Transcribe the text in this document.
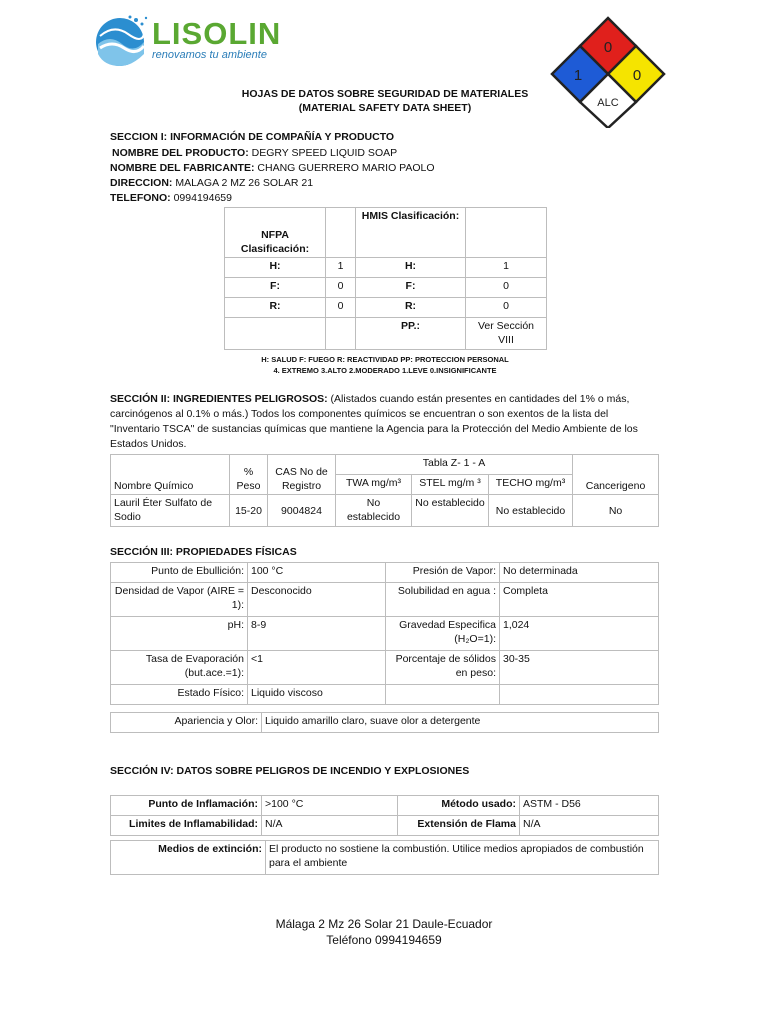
LISOLIN
renovamos tu ambiente	0
1	0
ALC
HOJAS DE DATOS SOBRE SEGURIDAD DE MATERIALES
(MATERIAL SAFETY DATA SHEET)
SECCION I: INFORMACIÓN DE COMPAÑÍA Y PRODUCTO
NOMBRE DEL PRODUCTO: DEGRY SPEED LIQUID SOAP
NOMBRE DEL FABRICANTE: CHANG GUERRERO MARIO PAOLO
DIRECCION: MALAGA 2 MZ 26 SOLAR 21
TELEFONO: 0994194659
NFPA Clasificación:		HMIS Clasificación:	
H:	1	H:	1
F:	0	F:	0
R:	0	R:	0
		PP.:	Ver Sección VIII
H: SALUD F: FUEGO R: REACTIVIDAD PP: PROTECCION PERSONAL
4. EXTREMO 3.ALTO 2.MODERADO 1.LEVE 0.INSIGNIFICANTE
SECCIÓN II: INGREDIENTES PELIGROSOS: (Alistados cuando están presentes en cantidades del 1% o más, carcinógenos al 0.1% o más.) Todos los componentes químicos se encuentran o son exentos de la lista del "Inventario TSCA" de sustancias químicas que mantiene la Agencia para la Protección del Medio Ambiente de los Estados Unidos.
Nombre Químico	% Peso	CAS No de Registro	Tabla Z- 1 - A			Cancerigeno
			TWA mg/m³	STEL mg/m ³	TECHO mg/m³	
Lauril Éter Sulfato de Sodio	15-20	9004824	No establecido	No establecido	No establecido	No
SECCIÓN III: PROPIEDADES FÍSICAS
Punto de Ebullición:	100 °C	Presión de Vapor:	No determinada
Densidad de Vapor (AIRE = 1):	Desconocido	Solubilidad en agua :	Completa
pH:	8-9	Gravedad Especifica (H₂O=1):	1,024
Tasa de Evaporación (but.ace.=1):	<1	Porcentaje de sólidos en peso:	30-35
Estado Físico:	Liquido viscoso		
Apariencia y Olor:	Liquido amarillo claro, suave olor a detergente
SECCIÓN IV: DATOS SOBRE PELIGROS DE INCENDIO Y EXPLOSIONES
Punto de Inflamación:	>100 °C	Método usado:	ASTM - D56
Limites de Inflamabilidad:	N/A	Extensión de Flama	N/A
Medios de extinción:	El producto no sostiene la combustión. Utilice medios apropiados de combustión para el ambiente
Málaga 2 Mz 26 Solar 21 Daule-Ecuador
Teléfono 0994194659
